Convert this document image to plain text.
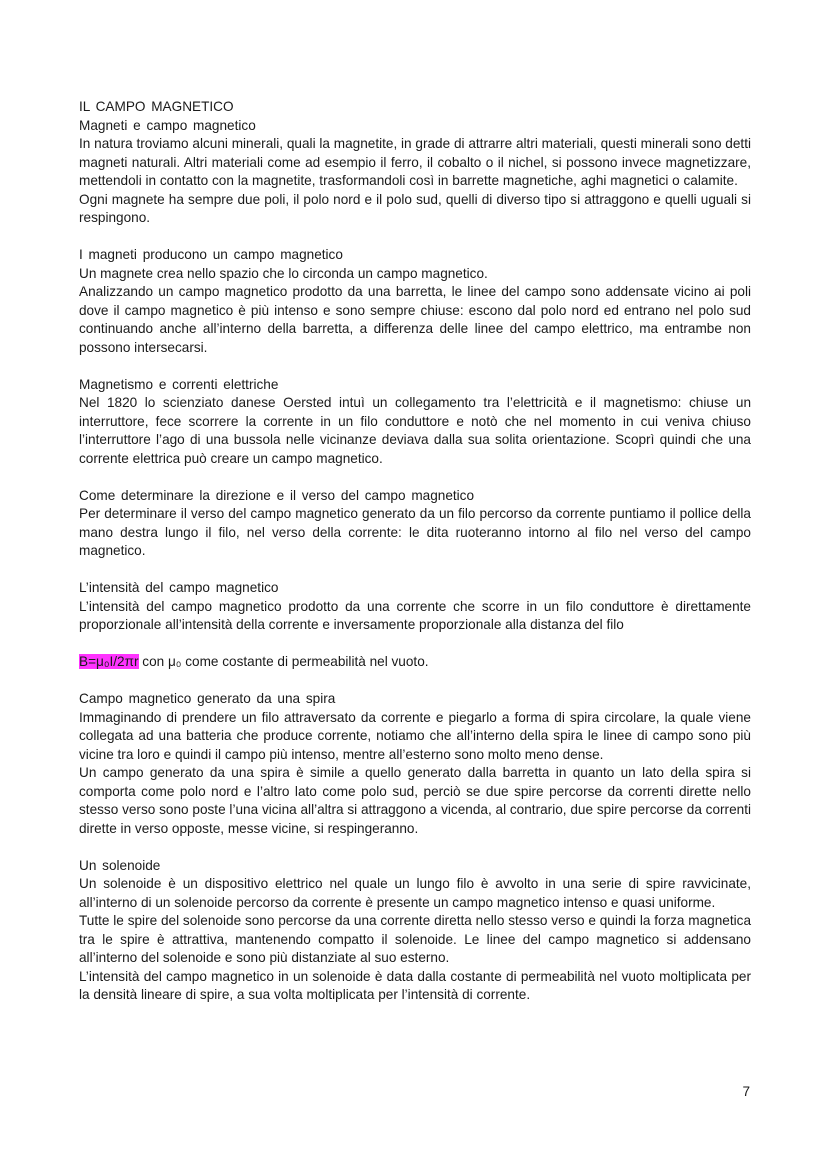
IL CAMPO MAGNETICO
Magneti e campo magnetico

In natura troviamo alcuni minerali, quali la magnetite, in grade di attrarre altri materiali, questi minerali sono detti magneti naturali. Altri materiali come ad esempio il ferro, il cobalto o il nichel, si possono invece magnetizzare, mettendoli in contatto con la magnetite, trasformandoli così in barrette magnetiche, aghi magnetici o calamite.

Ogni magnete ha sempre due poli, il polo nord e il polo sud, quelli di diverso tipo si attraggono e quelli uguali si respingono.

I magneti producono un campo magnetico

Un magnete crea nello spazio che lo circonda un campo magnetico.

Analizzando un campo magnetico prodotto da una barretta, le linee del campo sono addensate vicino ai poli dove il campo magnetico è più intenso e sono sempre chiuse: escono dal polo nord ed entrano nel polo sud continuando anche all’interno della barretta, a differenza delle linee del campo elettrico, ma entrambe non possono intersecarsi.

Magnetismo e correnti elettriche

Nel 1820 lo scienziato danese Oersted intuì un collegamento tra l’elettricità e il magnetismo: chiuse un interruttore, fece scorrere la corrente in un filo conduttore e notò che nel momento in cui veniva chiuso l’interruttore l’ago di una bussola nelle vicinanze deviava dalla sua solita orientazione. Scoprì quindi che una corrente elettrica può creare un campo magnetico.

Come determinare la direzione e il verso del campo magnetico

Per determinare il verso del campo magnetico generato da un filo percorso da corrente puntiamo il pollice della mano destra lungo il filo, nel verso della corrente: le dita ruoteranno intorno al filo nel verso del campo magnetico.

L’intensità del campo magnetico

L’intensità del campo magnetico prodotto da una corrente che scorre in un filo conduttore è direttamente proporzionale all’intensità della corrente e inversamente proporzionale alla distanza del filo

B=μ₀I/2πr con μ₀ come costante di permeabilità nel vuoto.

Campo magnetico generato da una spira

Immaginando di prendere un filo attraversato da corrente e piegarlo a forma di spira circolare, la quale viene collegata ad una batteria che produce corrente, notiamo che all’interno della spira le linee di campo sono più vicine tra loro e quindi il campo più intenso, mentre all’esterno sono molto meno dense.

Un campo generato da una spira è simile a quello generato dalla barretta in quanto un lato della spira si comporta come polo nord e l’altro lato come polo sud, perciò se due spire percorse da correnti dirette nello stesso verso sono poste l’una vicina all’altra si attraggono a vicenda, al contrario, due spire percorse da correnti dirette in verso opposte, messe vicine, si respingeranno.

Un solenoide

Un solenoide è un dispositivo elettrico nel quale un lungo filo è avvolto in una serie di spire ravvicinate, all’interno di un solenoide percorso da corrente è presente un campo magnetico intenso e quasi uniforme.

Tutte le spire del solenoide sono percorse da una corrente diretta nello stesso verso e quindi la forza magnetica tra le spire è attrattiva, mantenendo compatto il solenoide. Le linee del campo magnetico si addensano all’interno del solenoide e sono più distanziate al suo esterno.

L’intensità del campo magnetico in un solenoide è data dalla costante di permeabilità nel vuoto moltiplicata per la densità lineare di spire, a sua volta moltiplicata per l’intensità di corrente.

7
